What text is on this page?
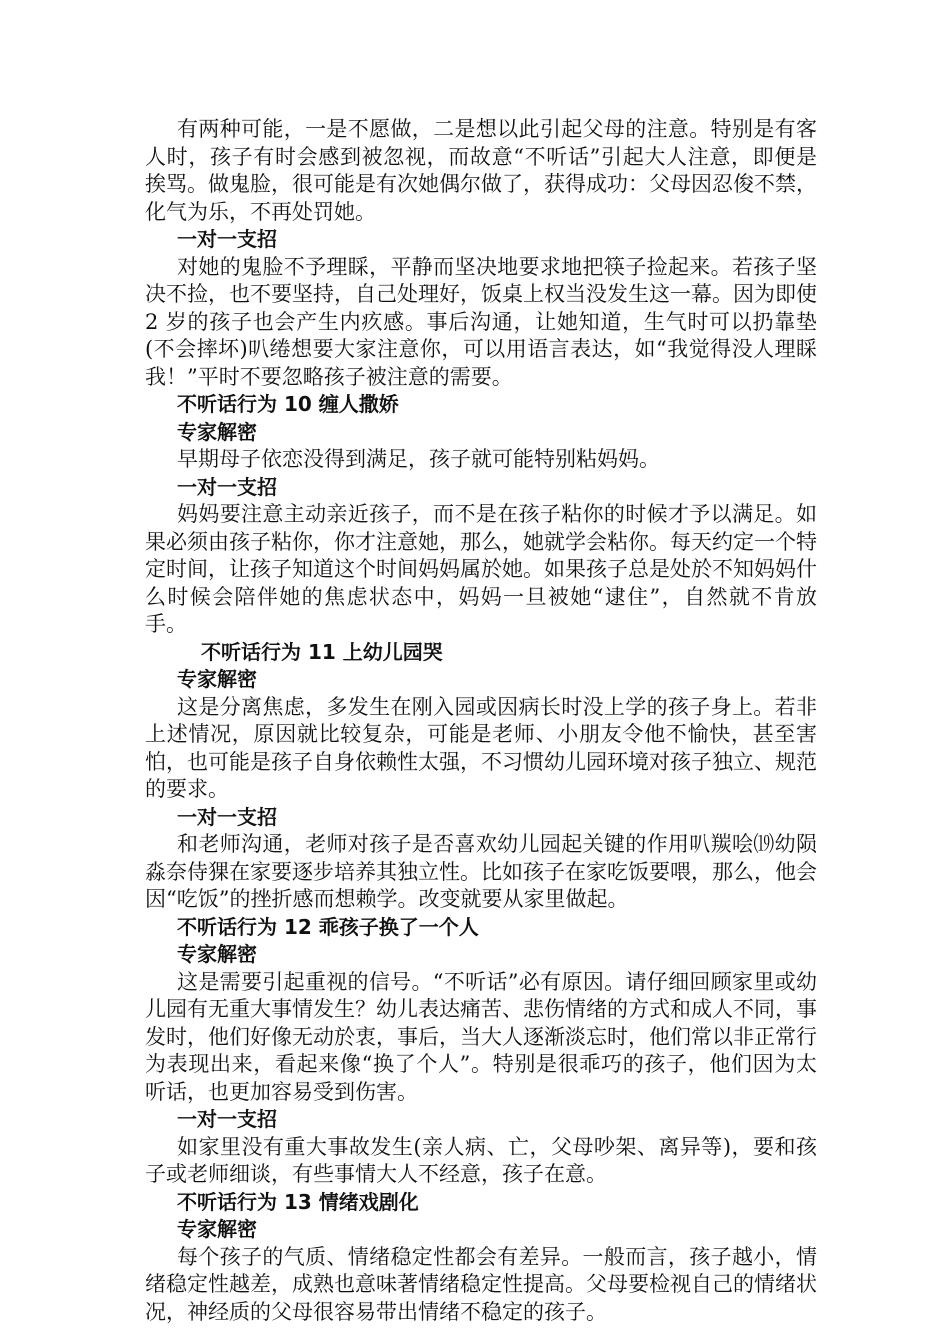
有两种可能，一是不愿做，二是想以此引起父母的注意。特别是有客人时，孩子有时会感到被忽视，而故意“不听话”引起大人注意，即便是挨骂。做鬼脸，很可能是有次她偶尔做了，获得成功：父母因忍俊不禁，化气为乐，不再处罚她。

一对一支招

对她的鬼脸不予理睬，平静而坚决地要求地把筷子捡起来。若孩子坚决不捡，也不要坚持，自己处理好，饭桌上权当没发生这一幕。因为即使 2 岁的孩子也会产生内疚感。事后沟通，让她知道，生气时可以扔靠垫(不会摔坏)叭绻想要大家注意你，可以用语言表达，如“我觉得没人理睬我！”平时不要忽略孩子被注意的需要。

不听话行为 10 缠人撒娇

专家解密

早期母子依恋没得到满足，孩子就可能特别粘妈妈。

一对一支招

妈妈要注意主动亲近孩子，而不是在孩子粘你的时候才予以满足。如果必须由孩子粘你，你才注意她，那么，她就学会粘你。每天约定一个特定时间，让孩子知道这个时间妈妈属於她。如果孩子总是处於不知妈妈什么时候会陪伴她的焦虑状态中，妈妈一旦被她“逮住”，自然就不肯放手。

不听话行为 11 上幼儿园哭

专家解密

这是分离焦虑，多发生在刚入园或因病长时没上学的孩子身上。若非上述情况，原因就比较复杂，可能是老师、小朋友令他不愉快，甚至害怕，也可能是孩子自身依赖性太强，不习惯幼儿园环境对孩子独立、规范的要求。

一对一支招

和老师沟通，老师对孩子是否喜欢幼儿园起关键的作用叭羰哙⒆幼陨淼奈侍猓在家要逐步培养其独立性。比如孩子在家吃饭要喂，那么，他会因“吃饭”的挫折感而想赖学。改变就要从家里做起。

不听话行为 12 乖孩子换了一个人

专家解密

这是需要引起重视的信号。“不听话”必有原因。请仔细回顾家里或幼儿园有无重大事情发生？幼儿表达痛苦、悲伤情绪的方式和成人不同，事发时，他们好像无动於衷，事后，当大人逐渐淡忘时，他们常以非正常行为表现出来，看起来像“换了个人”。特别是很乖巧的孩子，他们因为太听话，也更加容易受到伤害。

一对一支招

如家里没有重大事故发生(亲人病、亡，父母吵架、离异等)，要和孩子或老师细谈，有些事情大人不经意，孩子在意。

不听话行为 13 情绪戏剧化

专家解密

每个孩子的气质、情绪稳定性都会有差异。一般而言，孩子越小，情绪稳定性越差，成熟也意味著情绪稳定性提高。父母要检视自己的情绪状况，神经质的父母很容易带出情绪不稳定的孩子。
